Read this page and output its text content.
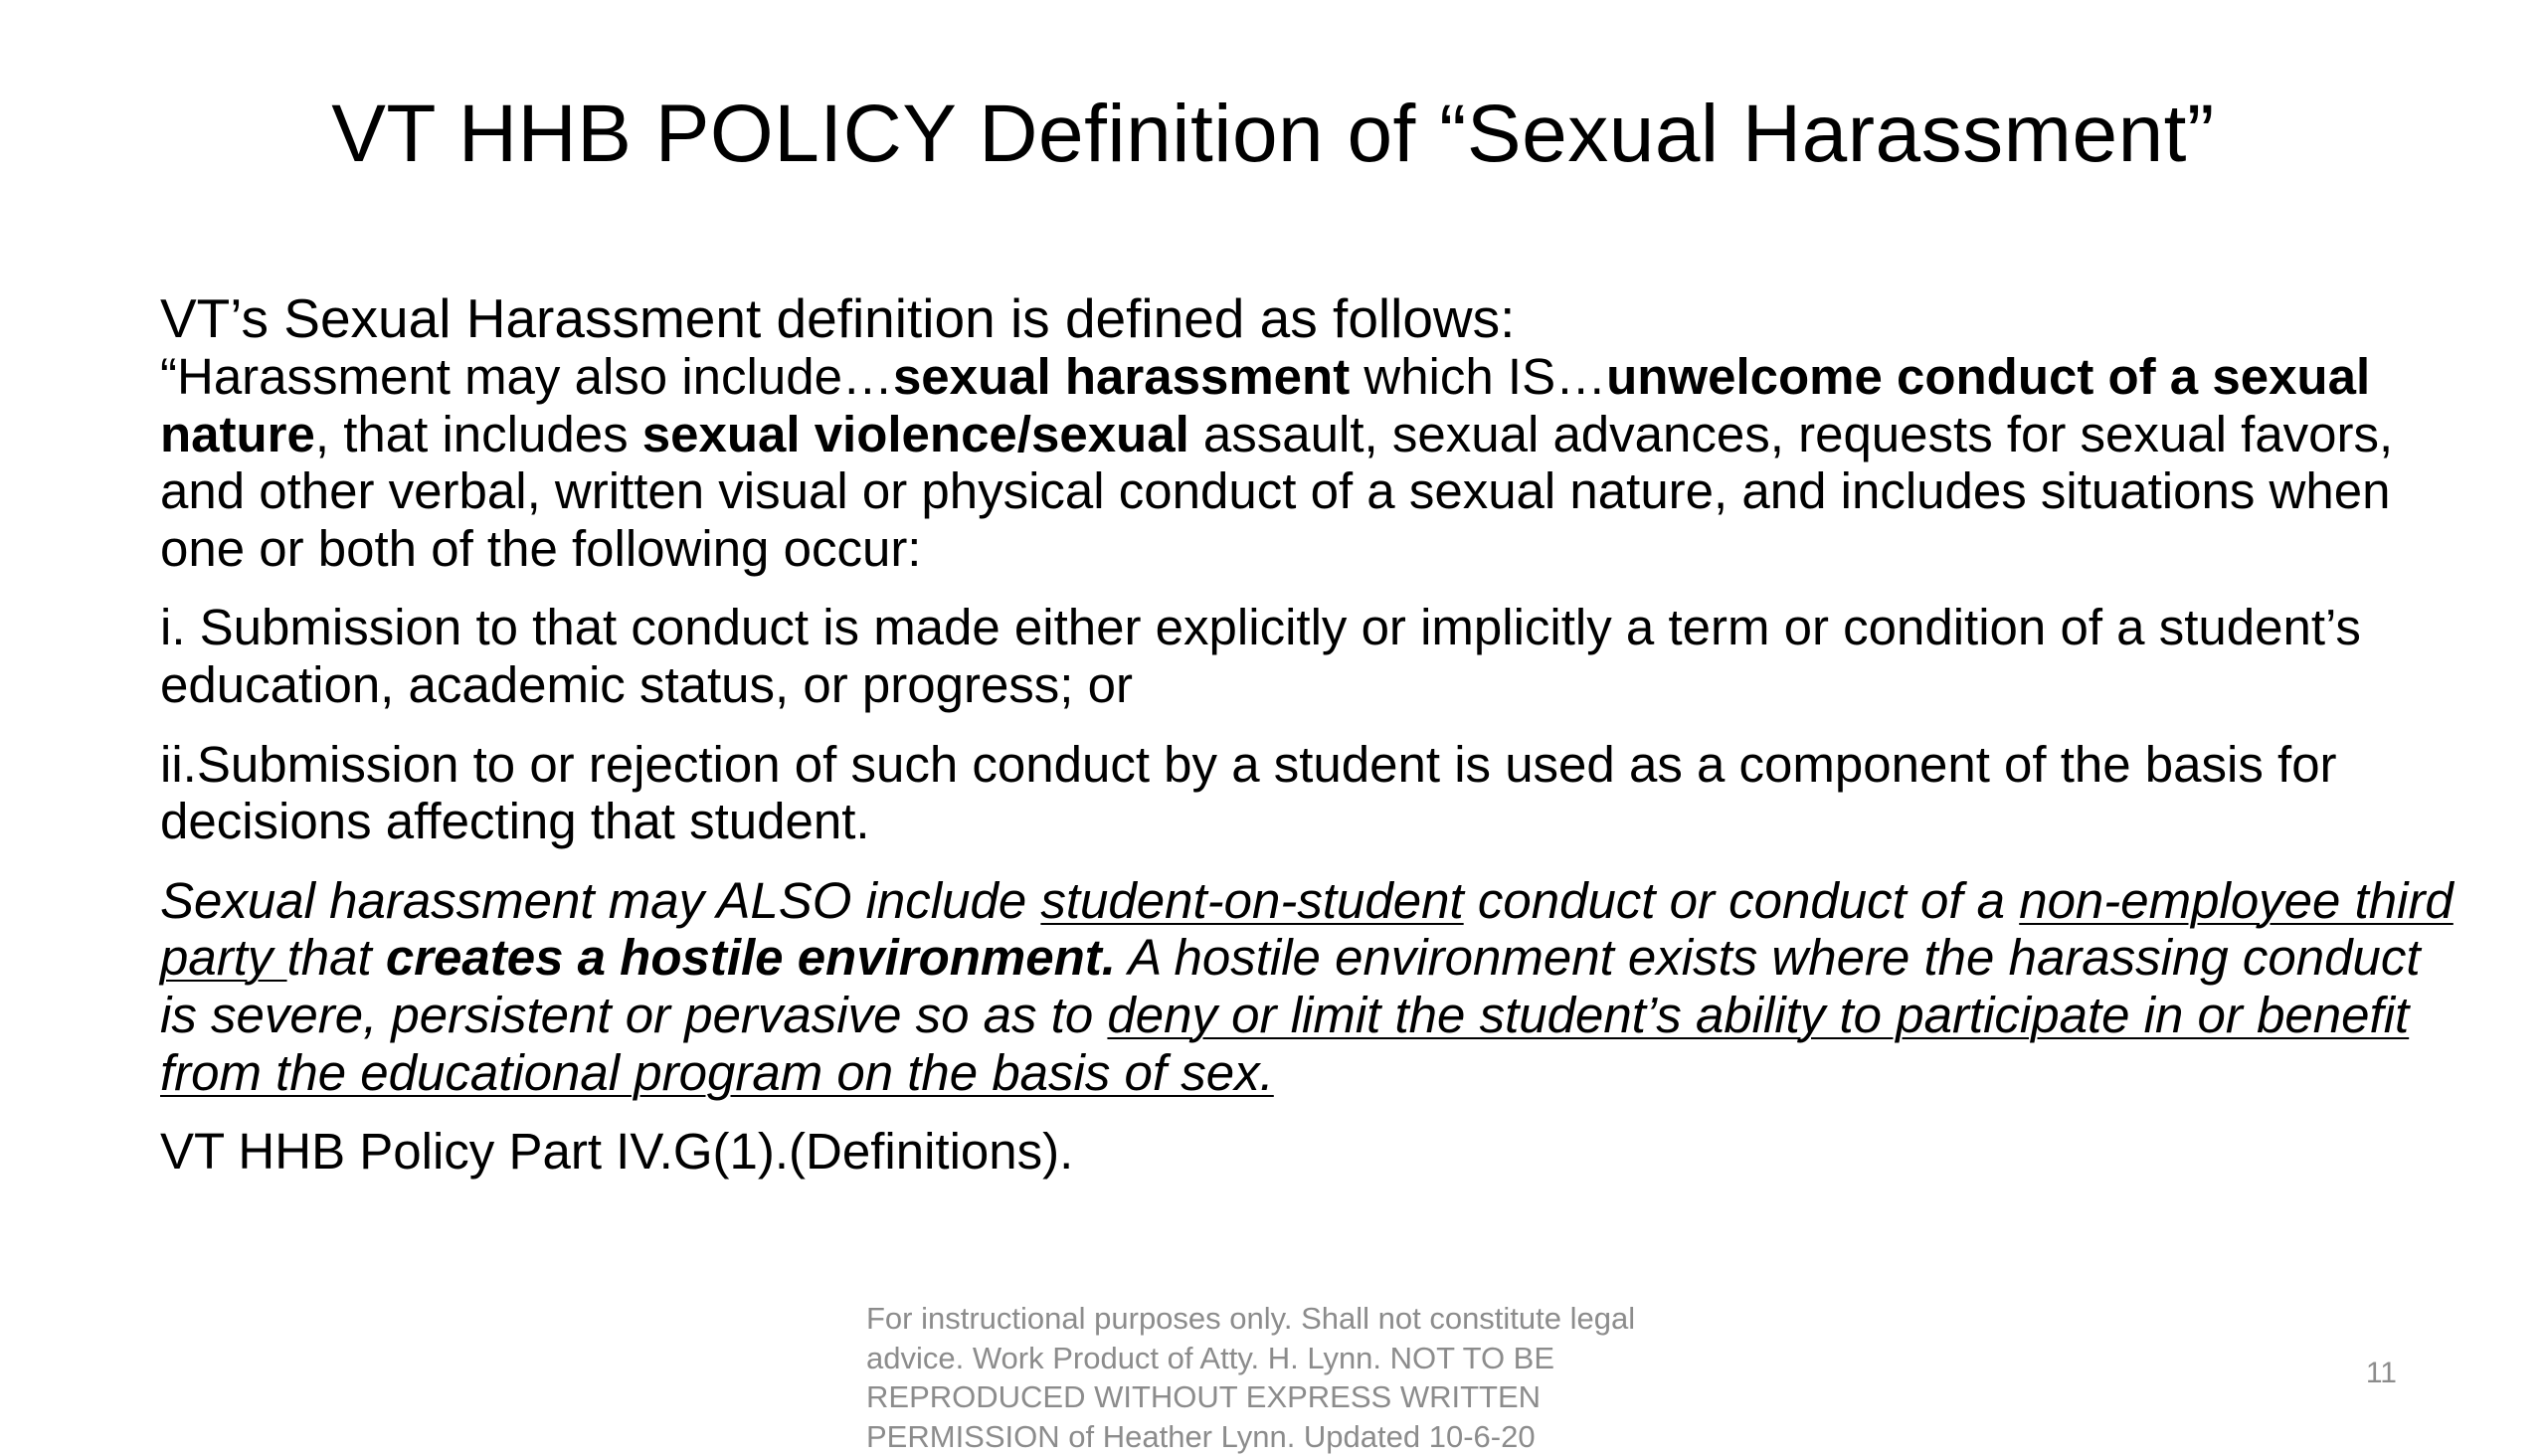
VT HHB POLICY Definition of “Sexual Harassment”

VT’s Sexual Harassment definition is defined as follows:

“Harassment may also include…sexual harassment which IS…unwelcome conduct of a sexual nature, that includes sexual violence/sexual assault, sexual advances, requests for sexual favors, and other verbal, written visual or physical conduct of a sexual nature, and includes situations when one or both of the following occur:

i. Submission to that conduct is made either explicitly or implicitly a term or condition of a student’s education, academic status, or progress; or

ii.Submission to or rejection of such conduct by a student is used as a component of the basis for decisions affecting that student.

Sexual harassment may ALSO include student-on-student conduct or conduct of a non-employee third party that creates a hostile environment. A hostile environment exists where the harassing conduct is severe, persistent or pervasive so as to deny or limit the student’s ability to participate in or benefit from the educational program on the basis of sex.

VT HHB Policy Part IV.G(1).(Definitions).

For instructional purposes only. Shall not constitute legal advice. Work Product of Atty. H. Lynn. NOT TO BE REPRODUCED WITHOUT EXPRESS WRITTEN PERMISSION of Heather Lynn. Updated 10-6-20
11
